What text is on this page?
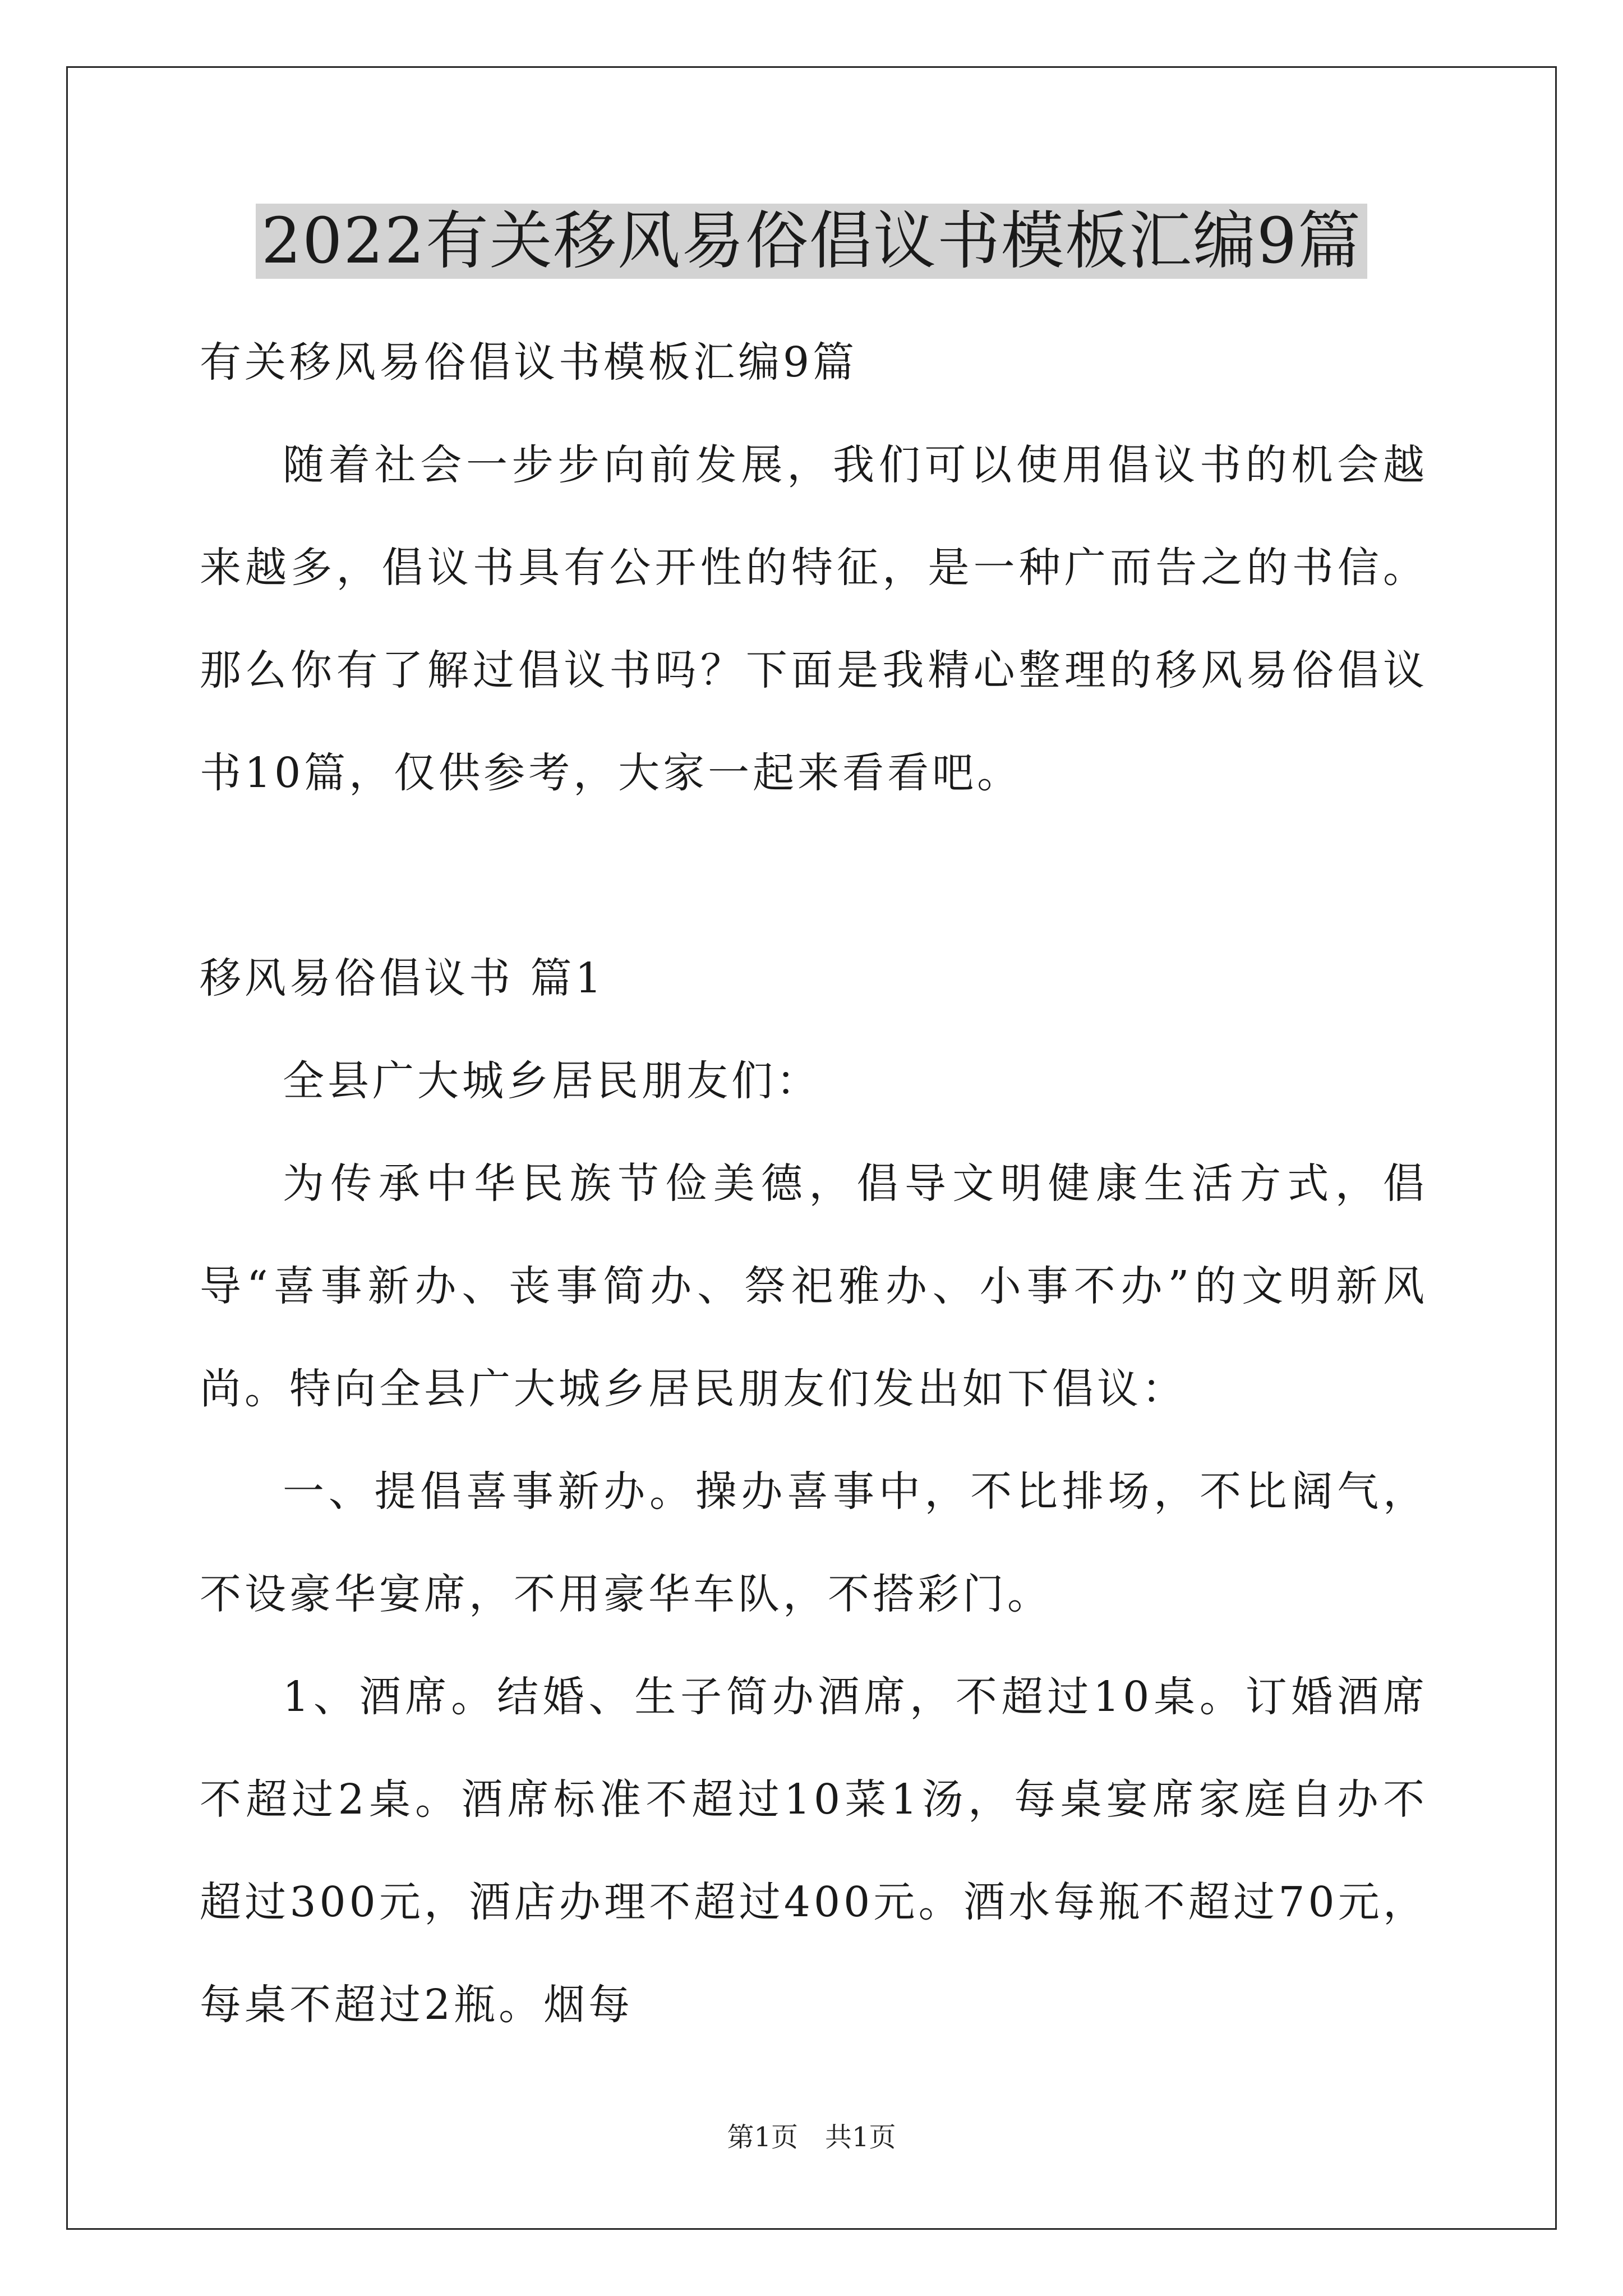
2022有关移风易俗倡议书模板汇编9篇

有关移风易俗倡议书模板汇编9篇

随着社会一步步向前发展，我们可以使用倡议书的机会越来越多，倡议书具有公开性的特征，是一种广而告之的书信。那么你有了解过倡议书吗？下面是我精心整理的移风易俗倡议书10篇，仅供参考，大家一起来看看吧。

移风易俗倡议书 篇1

全县广大城乡居民朋友们：

为传承中华民族节俭美德，倡导文明健康生活方式，倡导“喜事新办、丧事简办、祭祀雅办、小事不办”的文明新风尚。特向全县广大城乡居民朋友们发出如下倡议：

一、提倡喜事新办。操办喜事中，不比排场，不比阔气，不设豪华宴席，不用豪华车队，不搭彩门。

1、酒席。结婚、生子简办酒席，不超过10桌。订婚酒席不超过2桌。酒席标准不超过10菜1汤，每桌宴席家庭自办不超过300元，酒店办理不超过400元。酒水每瓶不超过70元，每桌不超过2瓶。烟每

第1页　共1页
